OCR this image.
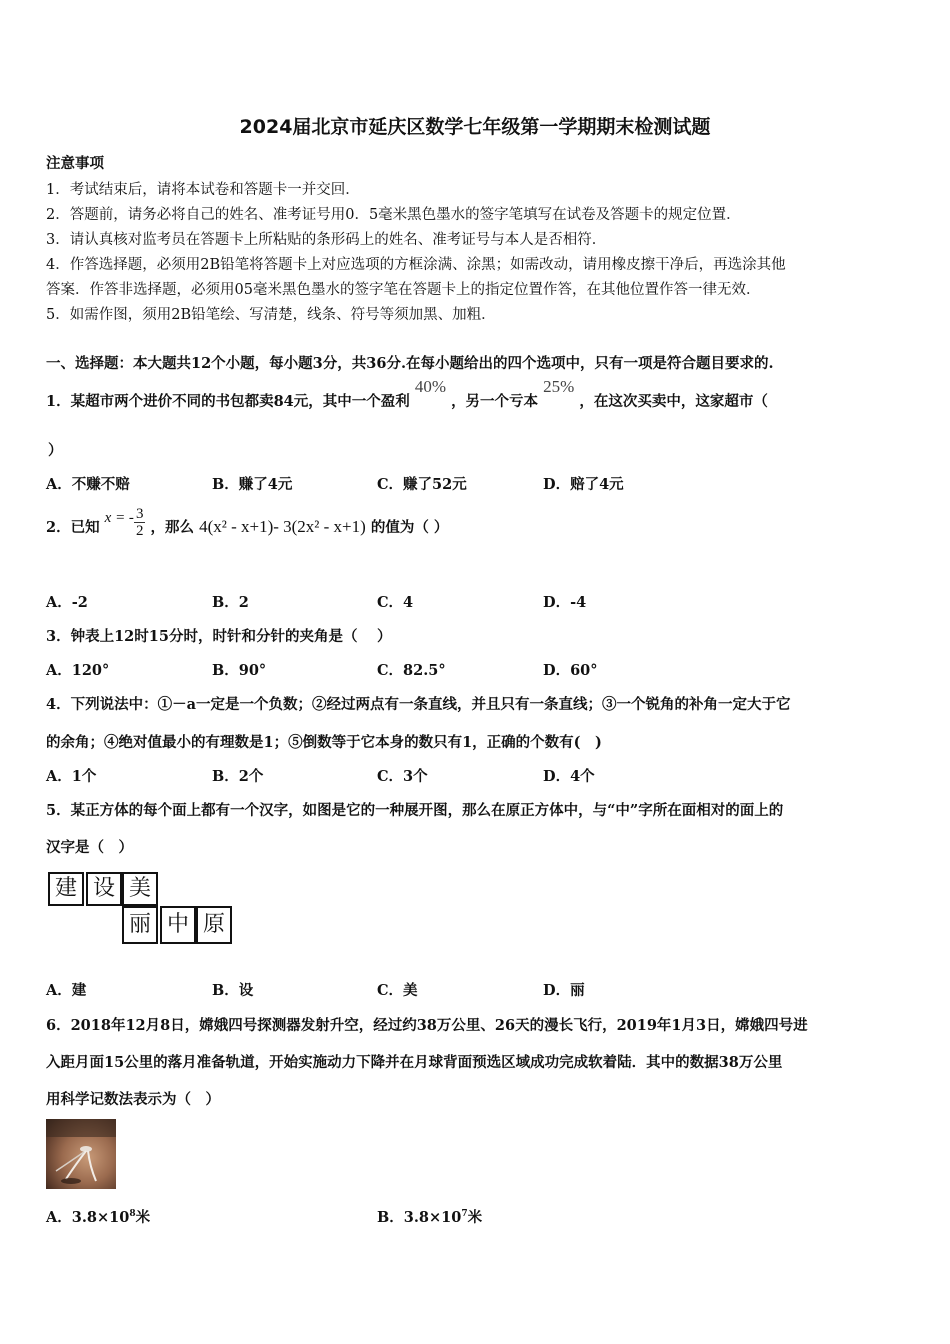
2024届北京市延庆区数学七年级第一学期期末检测试题
注意事项
1．考试结束后，请将本试卷和答题卡一并交回．
2．答题前，请务必将自己的姓名、准考证号用0．5毫米黑色墨水的签字笔填写在试卷及答题卡的规定位置．
3．请认真核对监考员在答题卡上所粘贴的条形码上的姓名、准考证号与本人是否相符．
4．作答选择题，必须用2B铅笔将答题卡上对应选项的方框涂满、涂黑；如需改动，请用橡皮擦干净后，再选涂其他
答案．作答非选择题，必须用05毫米黑色墨水的签字笔在答题卡上的指定位置作答，在其他位置作答一律无效．
5．如需作图，须用2B铅笔绘、写清楚，线条、符号等须加黑、加粗．
一、选择题：本大题共12个小题，每小题3分，共36分.在每小题给出的四个选项中，只有一项是符合题目要求的.
1．某超市两个进价不同的书包都卖84元，其中一个盈利 40% ，另一个亏本 25% ，在这次买卖中，这家超市（
）
A．不赚不赔	B．赚了4元	C．赚了52元	D．赔了4元
2．已知 x = - $\frac{3}{2}$ ，那么 4(x² - x+1)- 3(2x² - x+1) 的值为（ ）
A．-2	B．2	C．4	D．-4
3．钟表上12时15分时，时针和分针的夹角是（　 ）
A．120°	B．90°	C．82.5°	D．60°
4．下列说法中：①－a一定是一个负数；②经过两点有一条直线，并且只有一条直线；③一个锐角的补角一定大于它
的余角；④绝对值最小的有理数是1；⑤倒数等于它本身的数只有1，正确的个数有(　)
A．1个	B．2个	C．3个	D．4个
5．某正方体的每个面上都有一个汉字，如图是它的一种展开图，那么在原正方体中，与“中”字所在面相对的面上的
汉字是（　）
建 设 美
丽 中 原
A．建	B．设	C．美	D．丽
6．2018年12月8日，嫦娥四号探测器发射升空，经过约38万公里、26天的漫长飞行，2019年1月3日，嫦娥四号进
入距月面15公里的落月准备轨道，开始实施动力下降并在月球背面预选区域成功完成软着陆．其中的数据38万公里
用科学记数法表示为（　）
A．$3.8\times 10^8$米	B．$3.8\times 10^7$米
